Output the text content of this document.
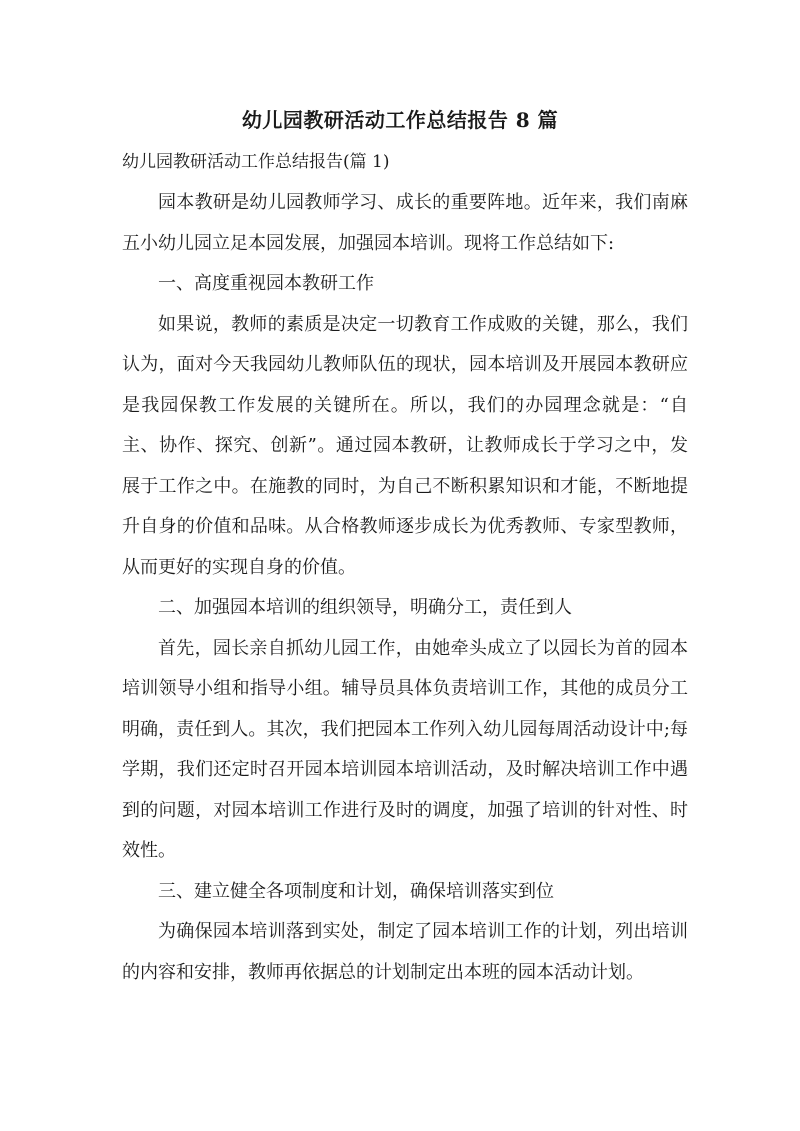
幼儿园教研活动工作总结报告 8 篇
幼儿园教研活动工作总结报告(篇 1)

园本教研是幼儿园教师学习、成长的重要阵地。近年来，我们南麻五小幼儿园立足本园发展，加强园本培训。现将工作总结如下:

一、高度重视园本教研工作

如果说，教师的素质是决定一切教育工作成败的关键，那么，我们认为，面对今天我园幼儿教师队伍的现状，园本培训及开展园本教研应是我园保教工作发展的关键所在。所以，我们的办园理念就是：“自主、协作、探究、创新”。通过园本教研，让教师成长于学习之中，发展于工作之中。在施教的同时，为自己不断积累知识和才能，不断地提升自身的价值和品味。从合格教师逐步成长为优秀教师、专家型教师，从而更好的实现自身的价值。

二、加强园本培训的组织领导，明确分工，责任到人

首先，园长亲自抓幼儿园工作，由她牵头成立了以园长为首的园本培训领导小组和指导小组。辅导员具体负责培训工作，其他的成员分工明确，责任到人。其次，我们把园本工作列入幼儿园每周活动设计中;每学期，我们还定时召开园本培训园本培训活动，及时解决培训工作中遇到的问题，对园本培训工作进行及时的调度，加强了培训的针对性、时效性。

三、建立健全各项制度和计划，确保培训落实到位

为确保园本培训落到实处，制定了园本培训工作的计划，列出培训的内容和安排，教师再依据总的计划制定出本班的园本活动计划。
